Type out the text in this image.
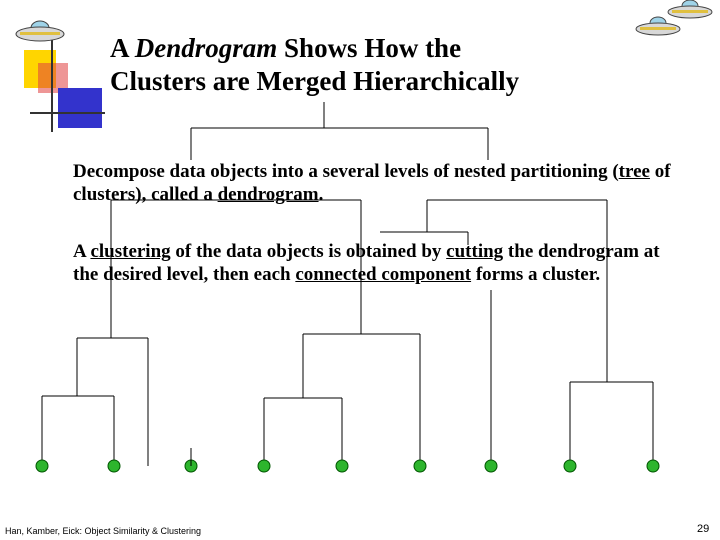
A Dendrogram Shows How the
Clusters are Merged Hierarchically

Decompose data objects into a several levels of nested partitioning (tree of clusters), called a dendrogram.

A clustering of the data objects is obtained by cutting the dendrogram at the desired level, then each connected component forms a cluster.

Han, Kamber, Eick: Object Similarity & Clustering	29
